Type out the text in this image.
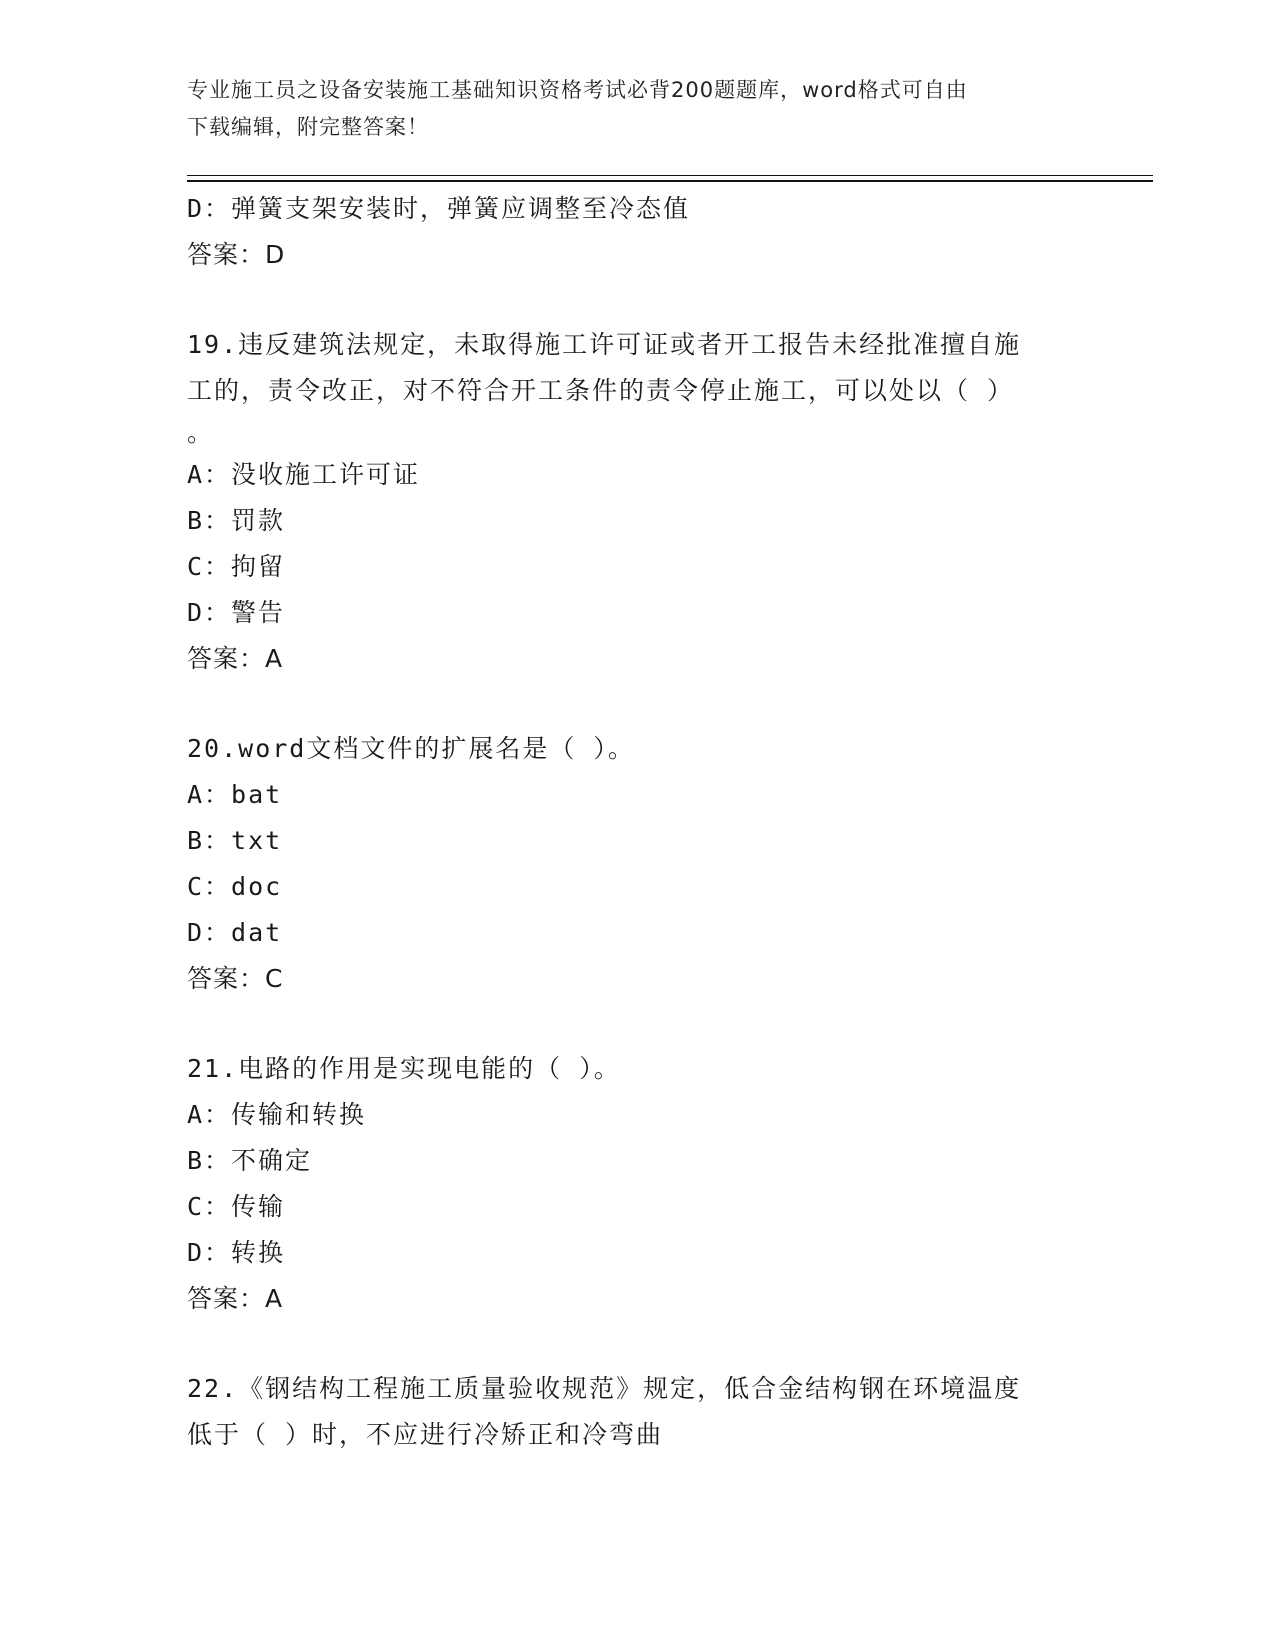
专业施工员之设备安装施工基础知识资格考试必背200题题库，word格式可自由
下载编辑，附完整答案！
D：弹簧支架安装时，弹簧应调整至冷态值
答案：D
19.违反建筑法规定，未取得施工许可证或者开工报告未经批准擅自施
工的，责令改正，对不符合开工条件的责令停止施工，可以处以（ ）
。
A：没收施工许可证
B：罚款
C：拘留
D：警告
答案：A
20.word文档文件的扩展名是（ ）。
A：bat
B：txt
C：doc
D：dat
答案：C
21.电路的作用是实现电能的（ ）。
A：传输和转换
B：不确定
C：传输
D：转换
答案：A
22.《钢结构工程施工质量验收规范》规定，低合金结构钢在环境温度
低于（ ）时，不应进行冷矫正和冷弯曲
